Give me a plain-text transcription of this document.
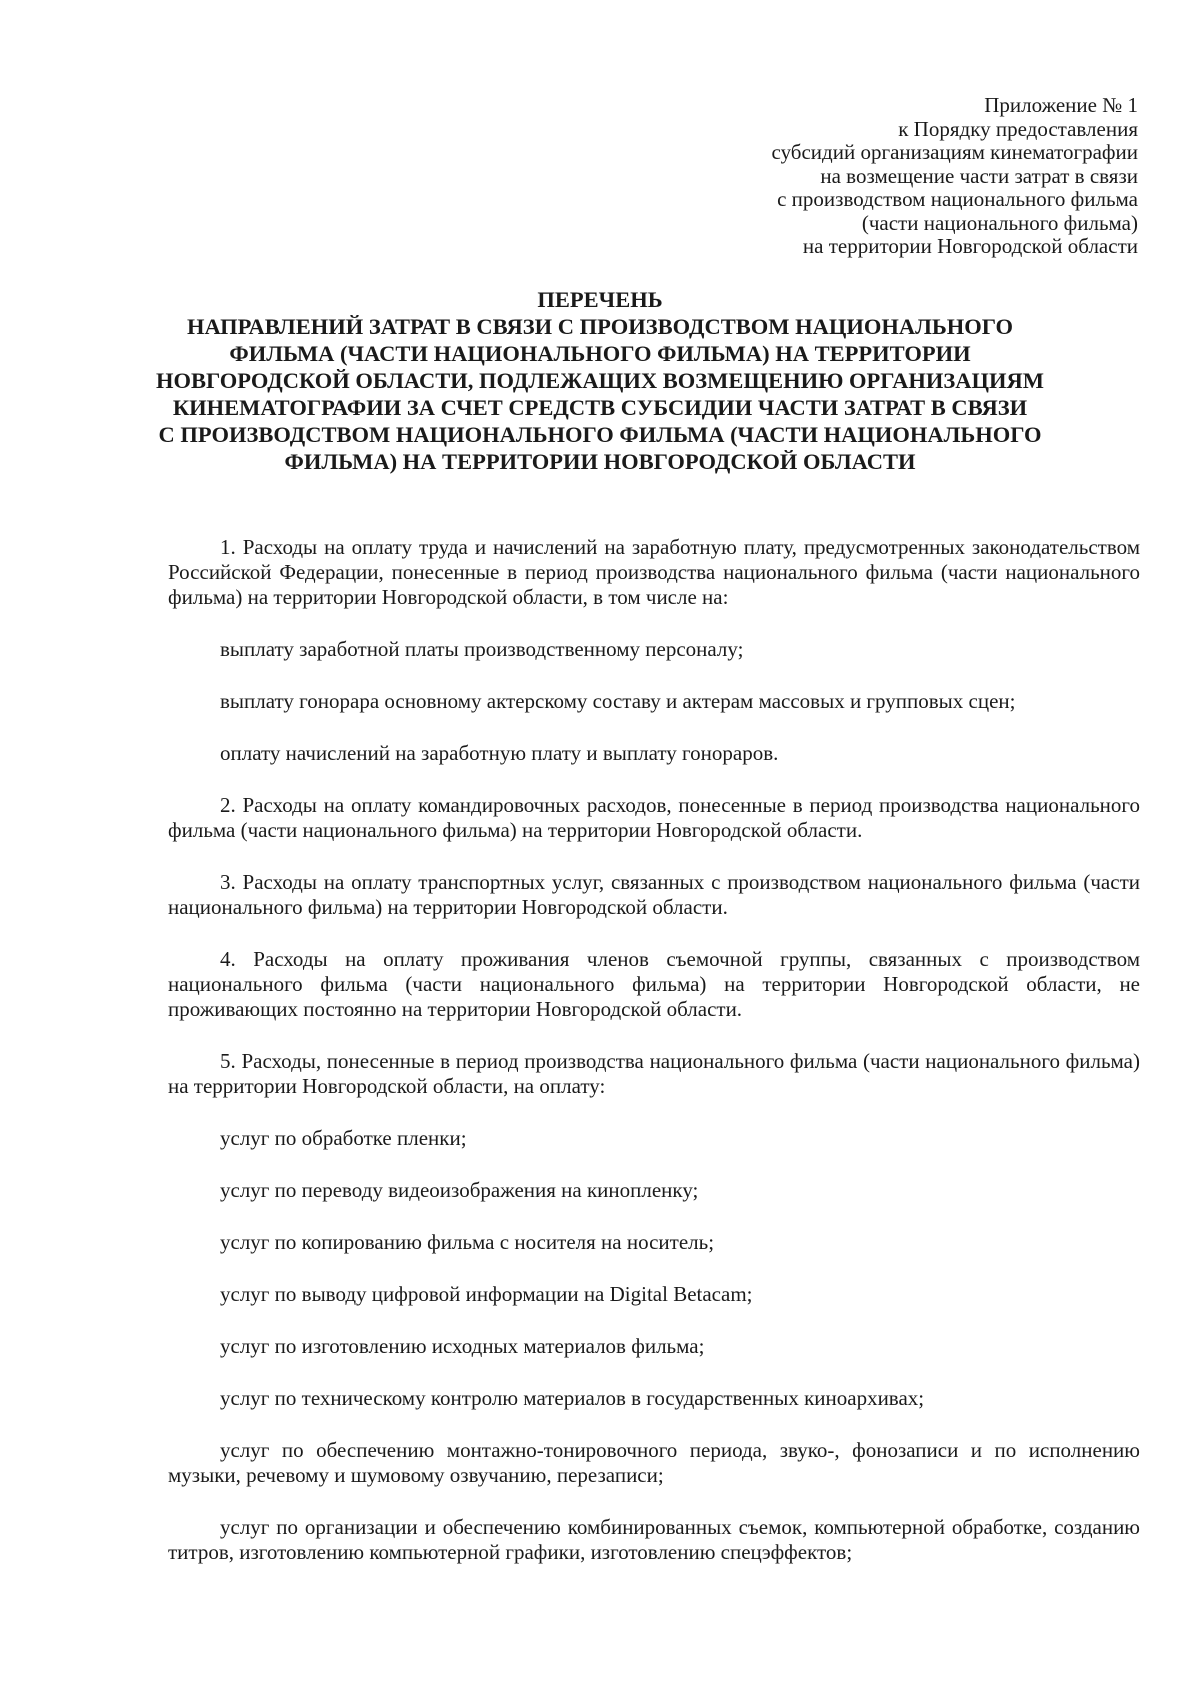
Приложение № 1
к Порядку предоставления
субсидий организациям кинематографии
на возмещение части затрат в связи
с производством национального фильма
(части национального фильма)
на территории Новгородской области
ПЕРЕЧЕНЬ
НАПРАВЛЕНИЙ ЗАТРАТ В СВЯЗИ С ПРОИЗВОДСТВОМ НАЦИОНАЛЬНОГО
ФИЛЬМА (ЧАСТИ НАЦИОНАЛЬНОГО ФИЛЬМА) НА ТЕРРИТОРИИ
НОВГОРОДСКОЙ ОБЛАСТИ, ПОДЛЕЖАЩИХ ВОЗМЕЩЕНИЮ ОРГАНИЗАЦИЯМ
КИНЕМАТОГРАФИИ ЗА СЧЕТ СРЕДСТВ СУБСИДИИ ЧАСТИ ЗАТРАТ В СВЯЗИ
С ПРОИЗВОДСТВОМ НАЦИОНАЛЬНОГО ФИЛЬМА (ЧАСТИ НАЦИОНАЛЬНОГО
ФИЛЬМА) НА ТЕРРИТОРИИ НОВГОРОДСКОЙ ОБЛАСТИ

1. Расходы на оплату труда и начислений на заработную плату, предусмотренных законодательством Российской Федерации, понесенные в период производства национального фильма (части национального фильма) на территории Новгородской области, в том числе на:

выплату заработной платы производственному персоналу;

выплату гонорара основному актерскому составу и актерам массовых и групповых сцен;

оплату начислений на заработную плату и выплату гонораров.

2. Расходы на оплату командировочных расходов, понесенные в период производства национального фильма (части национального фильма) на территории Новгородской области.

3. Расходы на оплату транспортных услуг, связанных с производством национального фильма (части национального фильма) на территории Новгородской области.

4. Расходы на оплату проживания членов съемочной группы, связанных с производством национального фильма (части национального фильма) на территории Новгородской области, не проживающих постоянно на территории Новгородской области.

5. Расходы, понесенные в период производства национального фильма (части национального фильма) на территории Новгородской области, на оплату:

услуг по обработке пленки;

услуг по переводу видеоизображения на кинопленку;

услуг по копированию фильма с носителя на носитель;

услуг по выводу цифровой информации на Digital Betacam;

услуг по изготовлению исходных материалов фильма;

услуг по техническому контролю материалов в государственных киноархивах;

услуг по обеспечению монтажно-тонировочного периода, звуко-, фонозаписи и по исполнению музыки, речевому и шумовому озвучанию, перезаписи;

услуг по организации и обеспечению комбинированных съемок, компьютерной обработке, созданию титров, изготовлению компьютерной графики, изготовлению спецэффектов;
